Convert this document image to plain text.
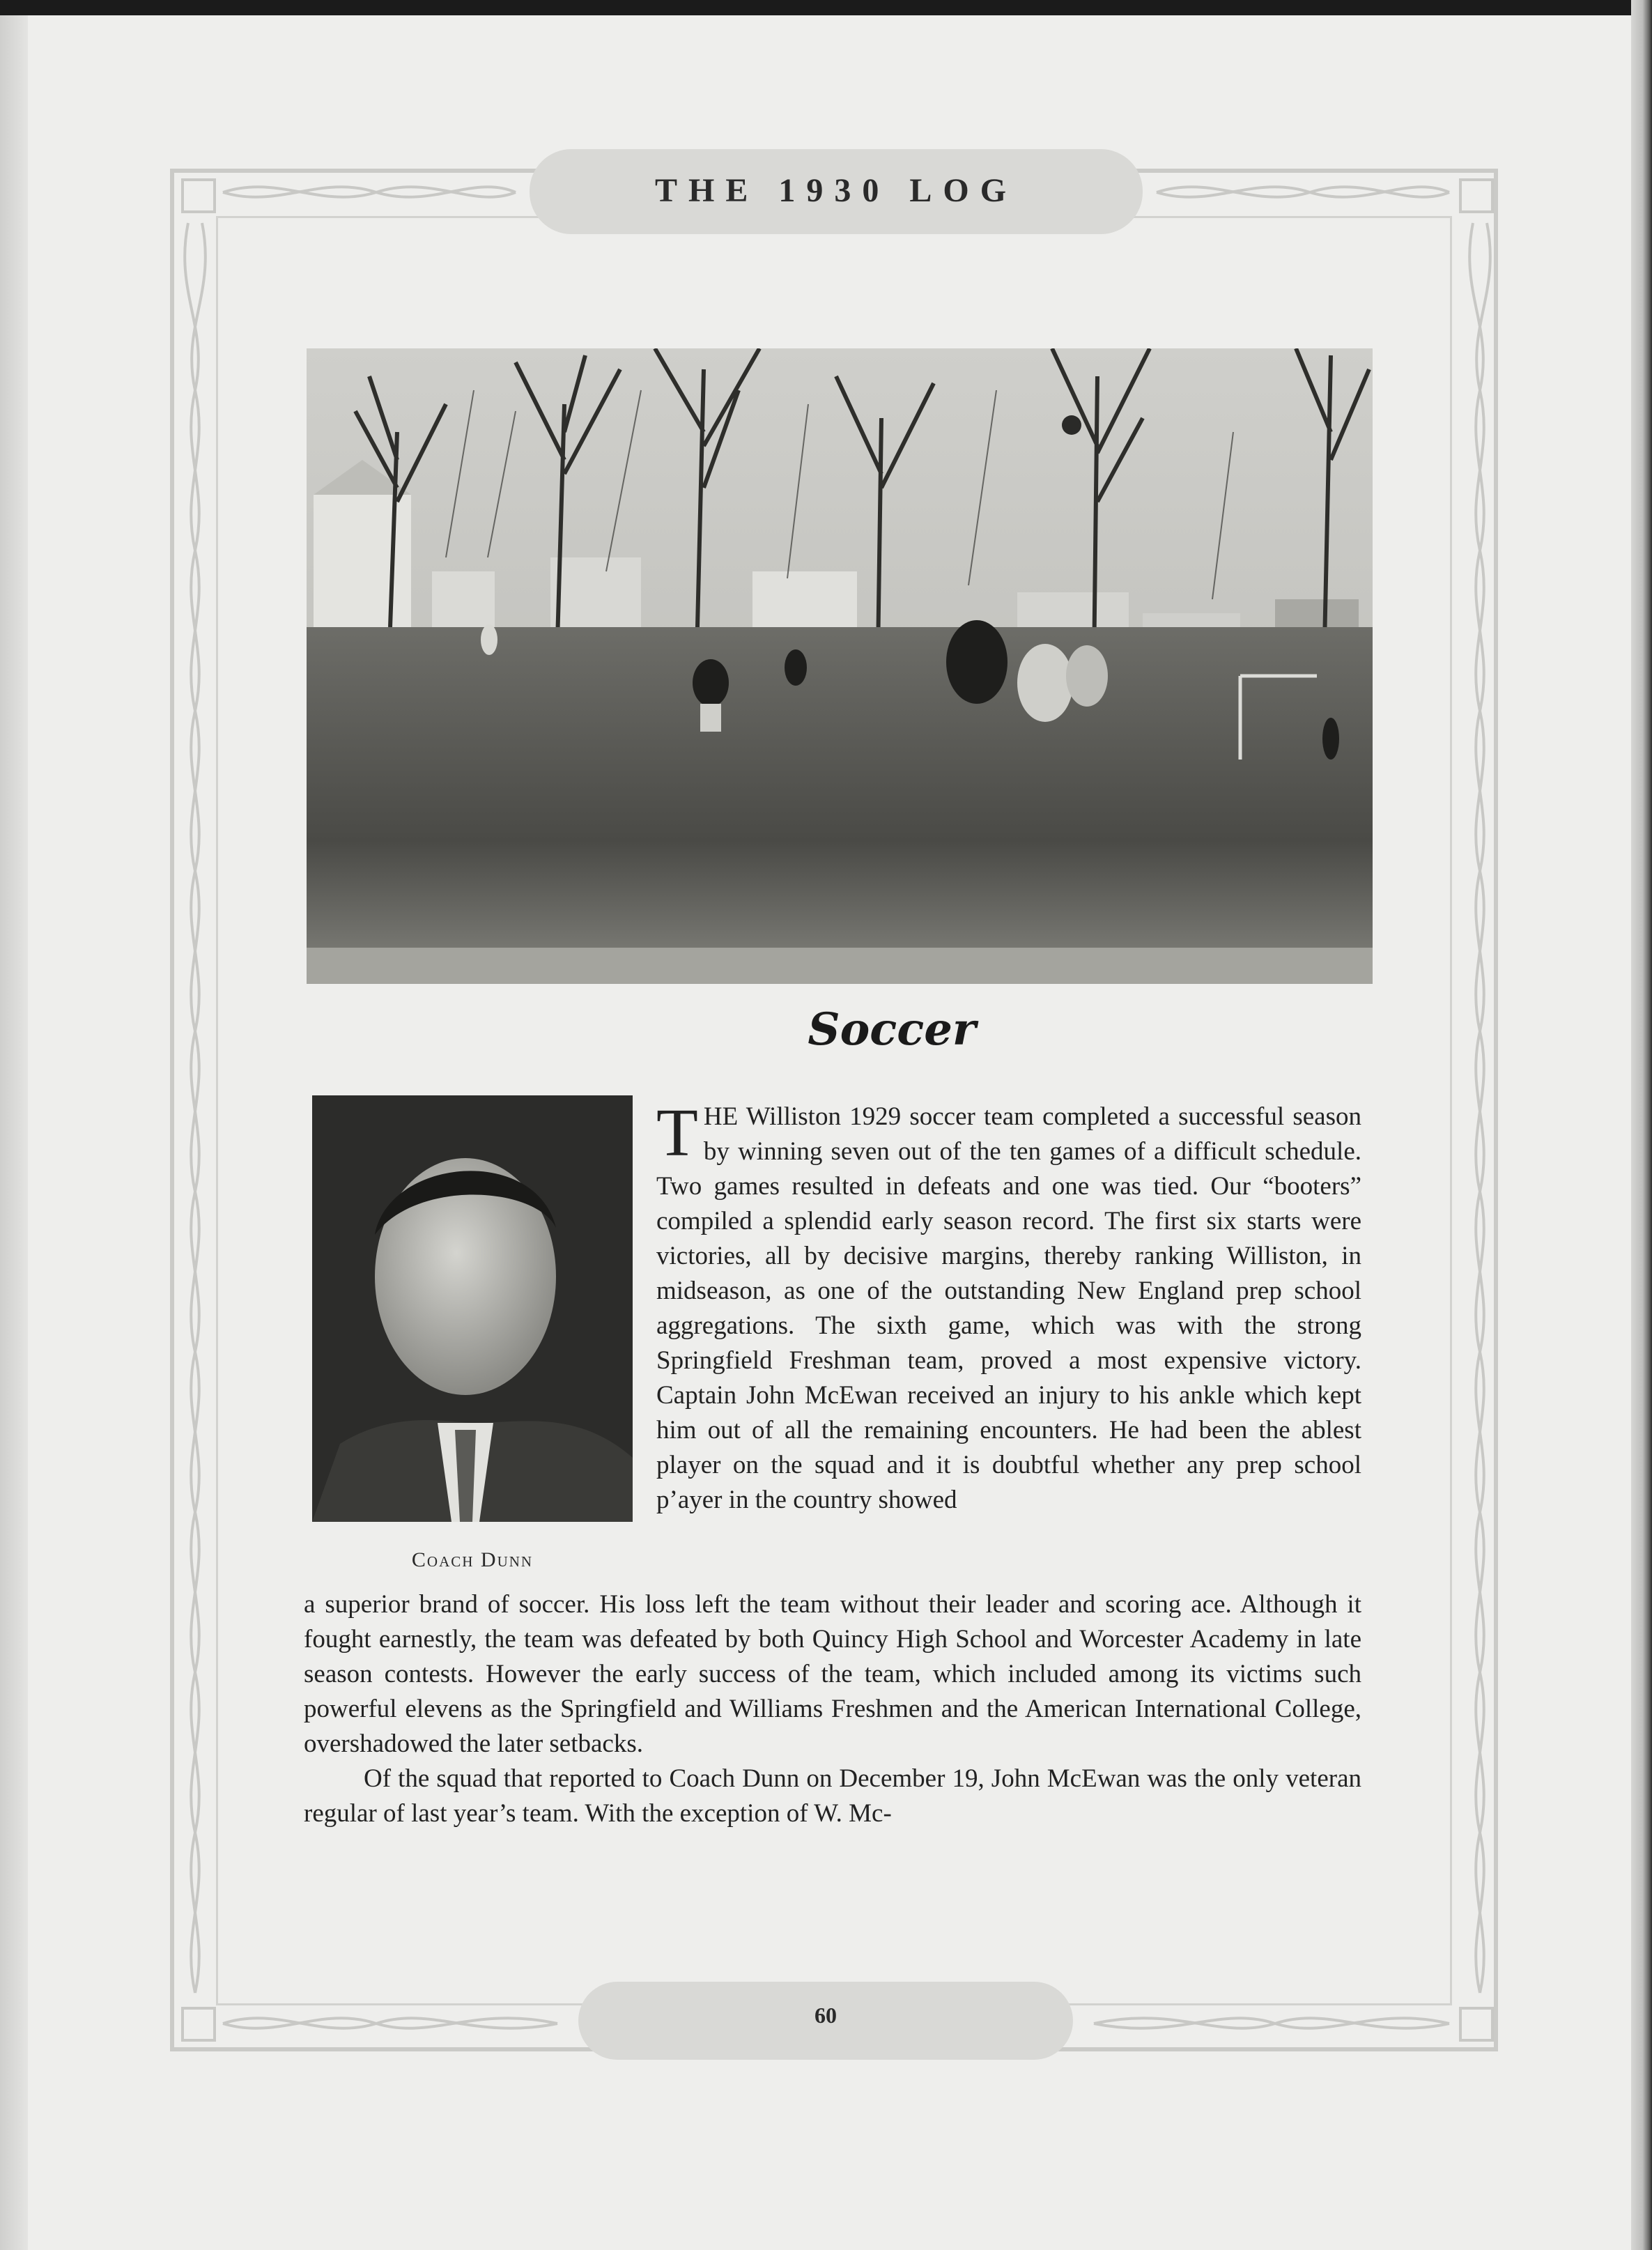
THE 1930 LOG
Soccer
Coach Dunn

T HE Williston 1929 soccer team completed a successful season by winning seven out of the ten games of a difficult schedule. Two games resulted in defeats and one was tied. Our “booters” compiled a splendid early season record. The first six starts were victories, all by decisive margins, thereby ranking Williston, in midseason, as one of the outstanding New England prep school aggregations. The sixth game, which was with the strong Springfield Freshman team, proved a most expensive victory. Captain John McEwan received an injury to his ankle which kept him out of all the remaining encounters. He had been the ablest player on the squad and it is doubtful whether any prep school p’ayer in the country showed

a superior brand of soccer. His loss left the team without their leader and scoring ace. Although it fought earnestly, the team was defeated by both Quincy High School and Worcester Academy in late season contests. However the early success of the team, which included among its victims such powerful elevens as the Springfield and Williams Freshmen and the American International College, overshadowed the later setbacks.

Of the squad that reported to Coach Dunn on December 19, John McEwan was the only veteran regular of last year’s team. With the exception of W. Mc-

60
